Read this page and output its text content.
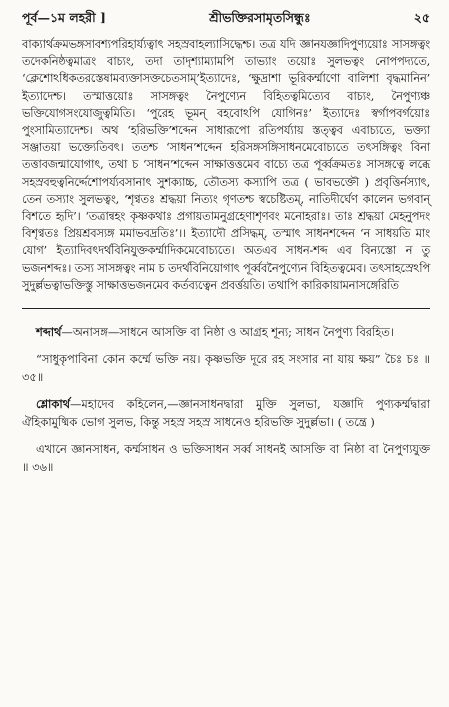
পূর্ব—১ম লহরী ]	শ্রীভক্তিরসামৃতসিন্ধুঃ	২৫
বাক্যার্থক্রমভঙ্গসাবশ্যপরিহার্য্যত্বাৎ সহস্রবাহল্যাসিদ্ধেশ্চ। তত্র যদি জ্ঞানযজ্ঞাদিপুণ্যয়োঃ সাসঙ্গত্বং তদেকনিষ্ঠত্বমাত্রং বাচ্যং, তদা তাদৃশ্যাম্যামপি তাভ্যাং তয়োঃ সুলভত্বং নোপপদ্যতে, ‘ক্লেশোঽধিকতরস্তেষামব্যক্তাসক্তচেতসাম্’ইত্যাদেঃ, ‘ক্ষুদ্রাশা ভূরিকর্ম্মাণো বালিশা বৃদ্ধমানিন’ ইত্যাদেশ্চ। তস্মাত্তয়োঃ সাসঙ্গত্বং নৈপুণ্যেন বিহিতত্বমিত্যেব বাচ্যং, নৈপুণ্যঞ্চ ভক্তিযোগসংযোজুত্বমিতি। ‘পুরেহ ভূমন্ বহবোঽপি যোগিনঃ’ ইত্যাদেঃ স্বর্গাপবর্গয়োঃ পুংসামিত্যাদেশ্চ। অথ ‘হরিভক্তি’শব্দেন সাধারূপো রতিপর্য্যায় স্তত্ত্বব এবাচ্যতে, ভক্ত্যা সঞ্জাতয়া ভক্ত্যেতিবৎ। ততশ্চ ‘সাধন’শব্দেন হরিসঙ্গসঙ্গিসাধনমেবোচ্যতে তৎসঙ্গিত্বং বিনা তত্তাবজন্মাযোগাৎ, তথা চ ‘সাধন’শব্দেন সাক্ষাত্তত্তমেব বাচ্যে তত্র পূর্ব্বক্রমতঃ সাসঙ্গত্বে লব্ধে সহস্রবহুত্বনির্দ্দেশোপর্য্যবসানাৎ সুশক্যাচ্চ, তৌতস্য কস্যাপি তত্র ( ভাবভক্তৌ ) প্রবৃত্তির্নস্যাৎ, তেন তস্যাং সুলভত্বং, ‘শৃণ্বতঃ শ্রদ্ধয়া নিত্যং গৃণতশ্চ স্বচেষ্টিতম্, নাতিদীর্ঘেণ কালেন ভগবান্ বিশতে হৃদি’। ‘তত্রান্বহং কৃষ্ণকথাঃ প্রগায়তামনুগ্রহেণাশৃণবং মনোহরাঃ। তাঃ শ্রদ্ধয়া মেহনুপদং বিশৃণ্বতঃ প্রিয়শ্রবস্যঙ্গ মমাভবদ্রতিঃ’।। ইত্যাদৌ প্রসিদ্ধম্, তস্মাৎ সাধনশব্দেন ‘ন সাধয়তি মাং যোগ’ ইত্যাদিবৎদর্থবিনিযুক্তকর্ম্মাদিকমেবোচ্যতে। অতএব সাধন-শব্দ এব বিন্যস্তো ন তু ভজনশব্দঃ। তস্য সাসঙ্গত্বং নাম চ তদর্থবিনিয়োগাৎ পূর্ব্ববনৈপুণ্যেন বিহিতত্বমেব। তৎসাহস্রেঽপি সুদুর্ল্লভত্বাভক্তিস্তু সাক্ষাত্তভজনমেব কর্তব্যত্বেন প্রবর্ত্তয়তি। তথাপি কারিকায়ামনাসঙ্গেরিতি

শব্দার্থ—অনাসঙ্গ—সাধনে আসক্তি বা নিষ্ঠা ও আগ্রহ শূন্য; সাধন নৈপুণ্য বিরহিত।

“সাধুকৃপাবিনা কোন কর্ম্মে ভক্তি নয়। কৃষ্ণভক্তি দূরে রহ সংসার না যায় ক্ষয়” চৈঃ চঃ ॥ ৩৫॥

শ্লোকার্থ—মহাদেব কহিলেন,—জ্ঞানসাধনদ্বারা মুক্তি সুলভা, যজ্ঞাদি পুণ্যকর্ম্মদ্বারা ঐহিকামুষ্মিক ভোগ সুলভ, কিন্তু সহস্র সহস্র সাধনেও হরিভক্তি সুদুর্ল্লভা। ( তন্ত্রে )

এখানে জ্ঞানসাধন, কর্ম্মসাধন ও ভক্তিসাধন সর্ব্ব সাধনই আসক্তি বা নিষ্ঠা বা নৈপুণ্যযুক্ত ॥ ৩৬॥
